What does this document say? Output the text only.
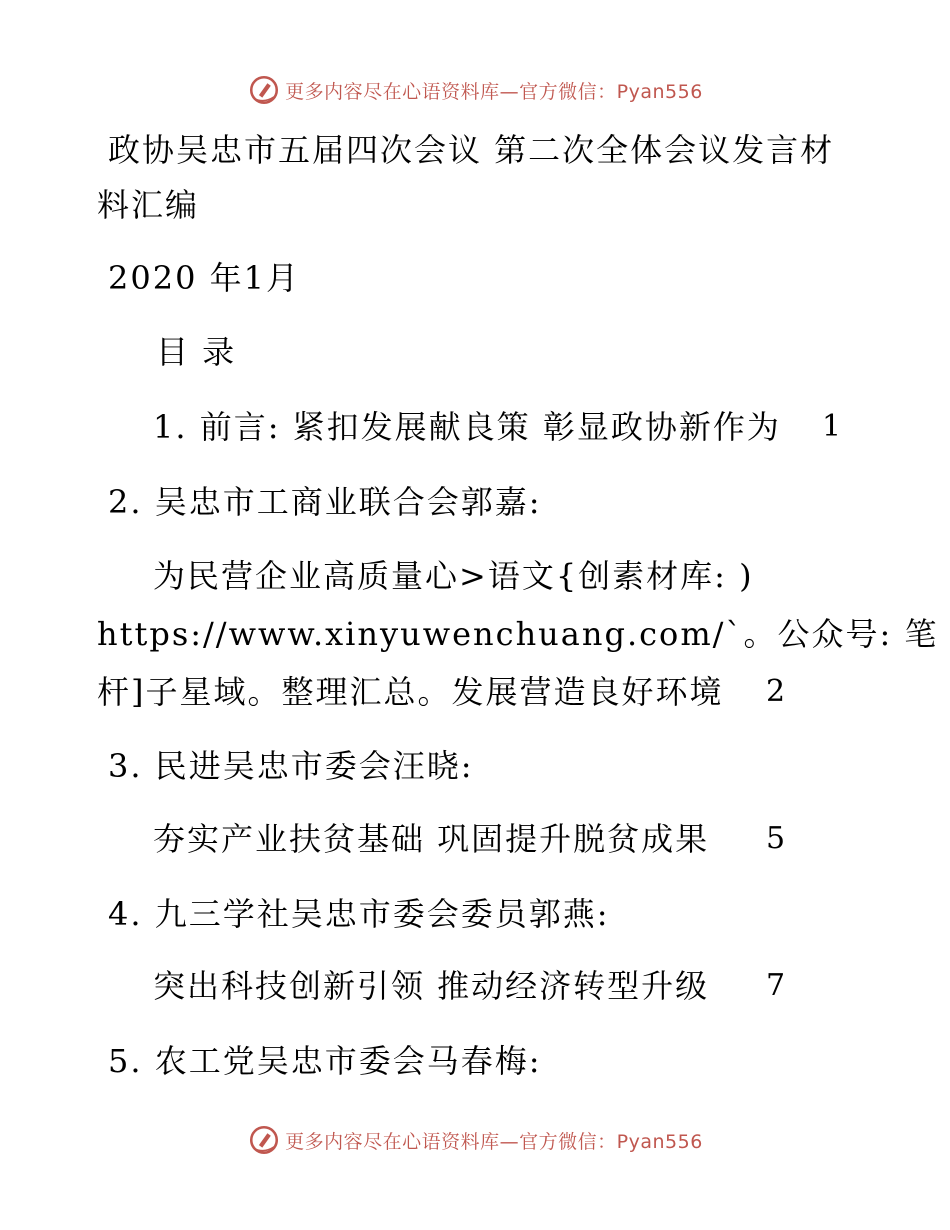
更多内容尽在心语资料库—官方微信：Pyan556
政协吴忠市五届四次会议 第二次全体会议发言材
料汇编
2020 年1月
目 录
1. 前言: 紧扣发展献良策 彰显政协新作为 1
2. 吴忠市工商业联合会郭嘉:
为民营企业高质量心>语文{创素材库: )
https://www.xinyuwenchuang.com/`。公众号: 笔
杆]子星域。整理汇总。发展营造良好环境 2
3. 民进吴忠市委会汪晓:
夯实产业扶贫基础 巩固提升脱贫成果 5
4. 九三学社吴忠市委会委员郭燕:
突出科技创新引领 推动经济转型升级 7
5. 农工党吴忠市委会马春梅:
更多内容尽在心语资料库—官方微信：Pyan556
